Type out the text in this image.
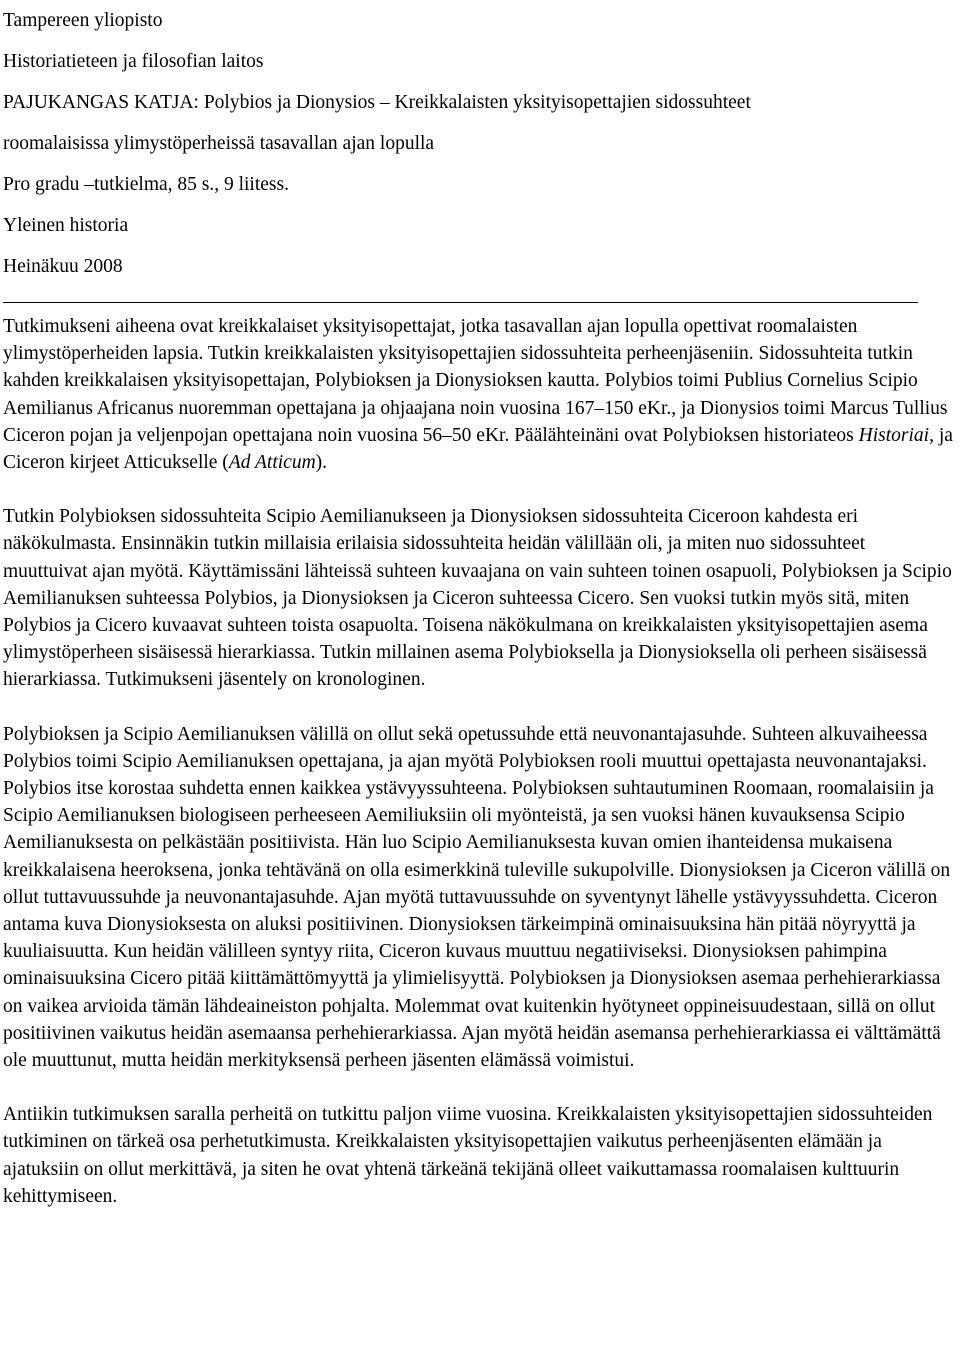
Tampereen yliopisto
Historiatieteen ja filosofian laitos
PAJUKANGAS KATJA: Polybios ja Dionysios – Kreikkalaisten yksityisopettajien sidossuhteet
roomalaisissa ylimystöperheissä tasavallan ajan lopulla
Pro gradu –tutkielma, 85 s., 9 liitess.
Yleinen historia
Heinäkuu 2008

Tutkimukseni aiheena ovat kreikkalaiset yksityisopettajat, jotka tasavallan ajan lopulla opettivat roomalaisten ylimystöperheiden lapsia. Tutkin kreikkalaisten yksityisopettajien sidossuhteita perheenjäseniin. Sidossuhteita tutkin kahden kreikkalaisen yksityisopettajan, Polybioksen ja Dionysioksen kautta. Polybios toimi Publius Cornelius Scipio Aemilianus Africanus nuoremman opettajana ja ohjaajana noin vuosina 167–150 eKr., ja Dionysios toimi Marcus Tullius Ciceron pojan ja veljenpojan opettajana noin vuosina 56–50 eKr. Päälähteinäni ovat Polybioksen historiateos Historiai, ja Ciceron kirjeet Atticukselle (Ad Atticum).

Tutkin Polybioksen sidossuhteita Scipio Aemilianukseen ja Dionysioksen sidossuhteita Ciceroon kahdesta eri näkökulmasta. Ensinnäkin tutkin millaisia erilaisia sidossuhteita heidän välillään oli, ja miten nuo sidossuhteet muuttuivat ajan myötä. Käyttämissäni lähteissä suhteen kuvaajana on vain suhteen toinen osapuoli, Polybioksen ja Scipio Aemilianuksen suhteessa Polybios, ja Dionysioksen ja Ciceron suhteessa Cicero. Sen vuoksi tutkin myös sitä, miten Polybios ja Cicero kuvaavat suhteen toista osapuolta. Toisena näkökulmana on kreikkalaisten yksityisopettajien asema ylimystöperheen sisäisessä hierarkiassa. Tutkin millainen asema Polybioksella ja Dionysioksella oli perheen sisäisessä hierarkiassa. Tutkimukseni jäsentely on kronologinen.

Polybioksen ja Scipio Aemilianuksen välillä on ollut sekä opetussuhde että neuvonantajasuhde. Suhteen alkuvaiheessa Polybios toimi Scipio Aemilianuksen opettajana, ja ajan myötä Polybioksen rooli muuttui opettajasta neuvonantajaksi. Polybios itse korostaa suhdetta ennen kaikkea ystävyyssuhteena. Polybioksen suhtautuminen Roomaan, roomalaisiin ja Scipio Aemilianuksen biologiseen perheeseen Aemiliuksiin oli myönteistä, ja sen vuoksi hänen kuvauksensa Scipio Aemilianuksesta on pelkästään positiivista. Hän luo Scipio Aemilianuksesta kuvan omien ihanteidensa mukaisena kreikkalaisena heeroksena, jonka tehtävänä on olla esimerkkinä tuleville sukupolville. Dionysioksen ja Ciceron välillä on ollut tuttavuussuhde ja neuvonantajasuhde. Ajan myötä tuttavuussuhde on syventynyt lähelle ystävyyssuhdetta. Ciceron antama kuva Dionysioksesta on aluksi positiivinen. Dionysioksen tärkeimpinä ominaisuuksina hän pitää nöyryyttä ja kuuliaisuutta. Kun heidän välilleen syntyy riita, Ciceron kuvaus muuttuu negatiiviseksi. Dionysioksen pahimpina ominaisuuksina Cicero pitää kiittämättömyyttä ja ylimielisyyttä. Polybioksen ja Dionysioksen asemaa perhehierarkiassa on vaikea arvioida tämän lähdeaineiston pohjalta. Molemmat ovat kuitenkin hyötyneet oppineisuudestaan, sillä on ollut positiivinen vaikutus heidän asemaansa perhehierarkiassa. Ajan myötä heidän asemansa perhehierarkiassa ei välttämättä ole muuttunut, mutta heidän merkityksensä perheen jäsenten elämässä voimistui.

Antiikin tutkimuksen saralla perheitä on tutkittu paljon viime vuosina. Kreikkalaisten yksityisopettajien sidossuhteiden tutkiminen on tärkeä osa perhetutkimusta. Kreikkalaisten yksityisopettajien vaikutus perheenjäsenten elämään ja ajatuksiin on ollut merkittävä, ja siten he ovat yhtenä tärkeänä tekijänä olleet vaikuttamassa roomalaisen kulttuurin kehittymiseen.
